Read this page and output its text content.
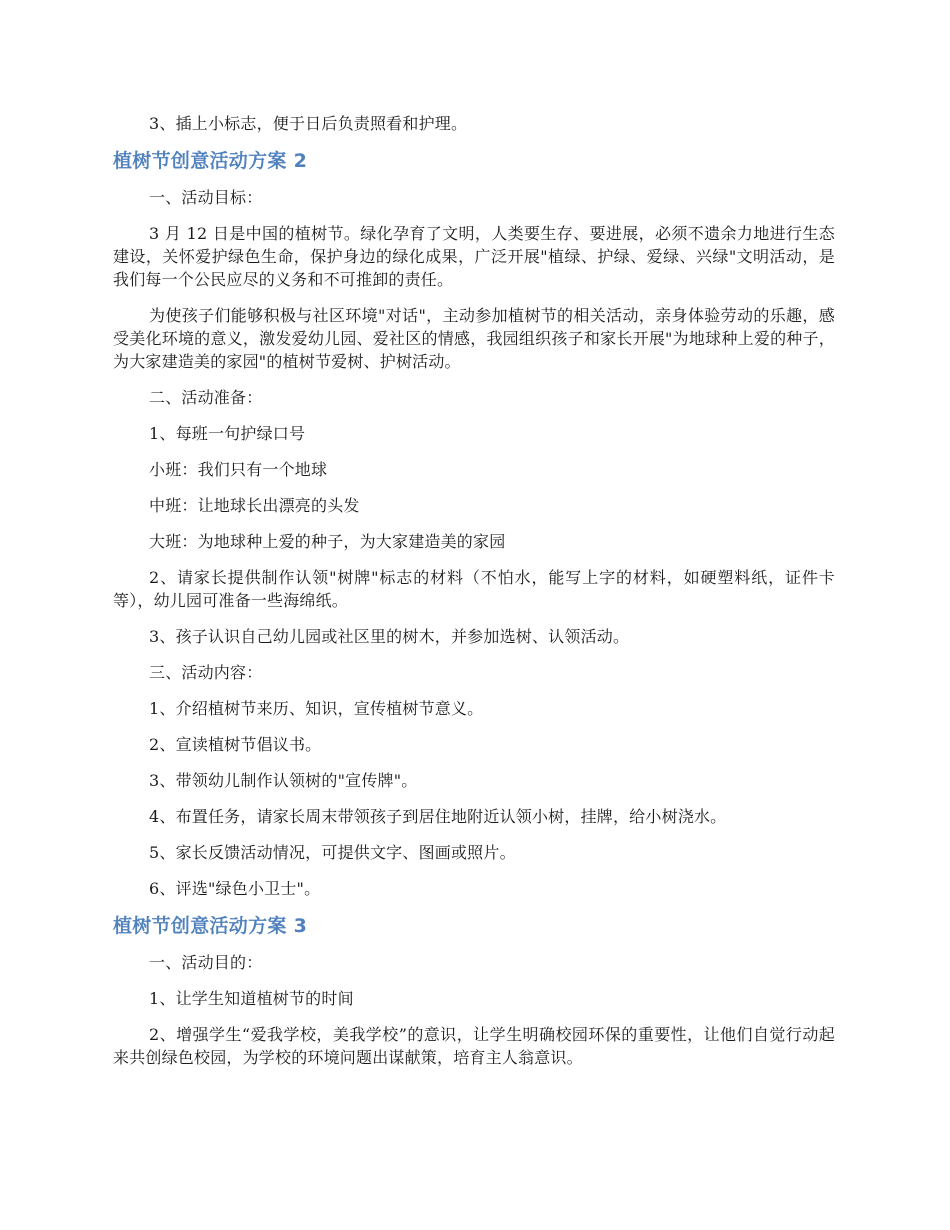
3、插上小标志，便于日后负责照看和护理。

植树节创意活动方案 2

一、活动目标：

3 月 12 日是中国的植树节。绿化孕育了文明，人类要生存、要进展，必须不遗余力地进行生态建设，关怀爱护绿色生命，保护身边的绿化成果，广泛开展"植绿、护绿、爱绿、兴绿"文明活动，是我们每一个公民应尽的义务和不可推卸的责任。

为使孩子们能够积极与社区环境"对话"，主动参加植树节的相关活动，亲身体验劳动的乐趣，感受美化环境的意义，激发爱幼儿园、爱社区的情感，我园组织孩子和家长开展"为地球种上爱的种子，为大家建造美的家园"的植树节爱树、护树活动。

二、活动准备：

1、每班一句护绿口号

小班：我们只有一个地球

中班：让地球长出漂亮的头发

大班：为地球种上爱的种子，为大家建造美的家园

2、请家长提供制作认领"树牌"标志的材料（不怕水，能写上字的材料，如硬塑料纸，证件卡等），幼儿园可准备一些海绵纸。

3、孩子认识自己幼儿园或社区里的树木，并参加选树、认领活动。

三、活动内容：

1、介绍植树节来历、知识，宣传植树节意义。

2、宣读植树节倡议书。

3、带领幼儿制作认领树的"宣传牌"。

4、布置任务，请家长周末带领孩子到居住地附近认领小树，挂牌，给小树浇水。

5、家长反馈活动情况，可提供文字、图画或照片。

6、评选"绿色小卫士"。

植树节创意活动方案 3

一、活动目的：

1、让学生知道植树节的时间

2、增强学生“爱我学校，美我学校”的意识，让学生明确校园环保的重要性，让他们自觉行动起来共创绿色校园，为学校的环境问题出谋献策，培育主人翁意识。
